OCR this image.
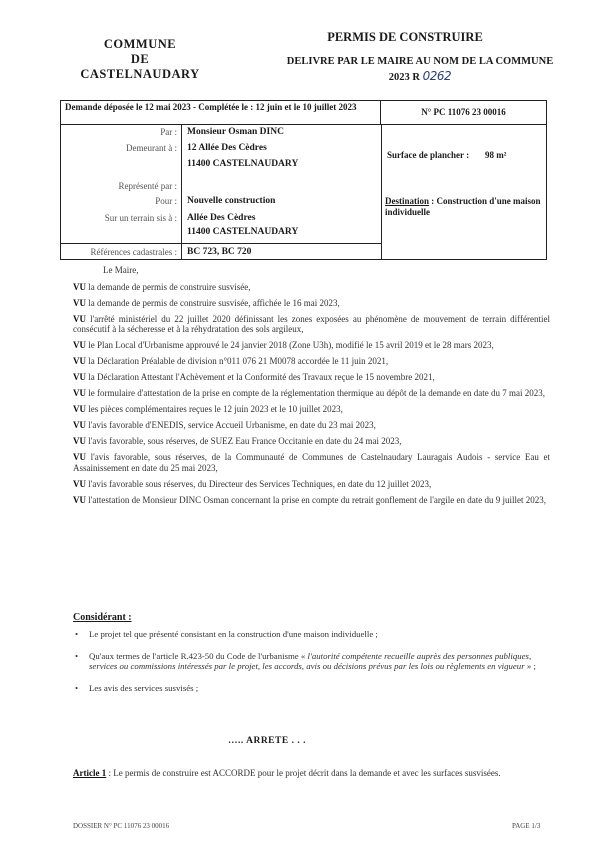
COMMUNE
DE
CASTELNAUDARY
PERMIS DE CONSTRUIRE
DELIVRE PAR LE MAIRE AU NOM DE LA COMMUNE
2023 R 0262
Demande déposée le 12 mai 2023 - Complétée le : 12 juin et le 10 juillet 2023	N° PC 11076 23 00016
Par :
Demeurant à :
Représenté par :
Pour :
Sur un terrain sis à :
Références cadastrales :
Monsieur Osman DINC
12 Allée Des Cèdres
11400 CASTELNAUDARY
Nouvelle construction
Allée Des Cèdres
11400 CASTELNAUDARY
BC 723, BC 720
Surface de plancher : 98 m²
Destination : Construction d'une maison individuelle

Le Maire,

VU la demande de permis de construire susvisée,

VU la demande de permis de construire susvisée, affichée le 16 mai 2023,

VU l'arrêté ministériel du 22 juillet 2020 définissant les zones exposées au phénomène de mouvement de terrain différentiel consécutif à la sécheresse et à la réhydratation des sols argileux,

VU le Plan Local d'Urbanisme approuvé le 24 janvier 2018 (Zone U3h), modifié le 15 avril 2019 et le 28 mars 2023,

VU la Déclaration Préalable de division n°011 076 21 M0078 accordée le 11 juin 2021,

VU la Déclaration Attestant l'Achèvement et la Conformité des Travaux reçue le 15 novembre 2021,

VU le formulaire d'attestation de la prise en compte de la réglementation thermique au dépôt de la demande en date du 7 mai 2023,

VU les pièces complémentaires reçues le 12 juin 2023 et le 10 juillet 2023,

VU l'avis favorable d'ENEDIS, service Accueil Urbanisme, en date du 23 mai 2023,

VU l'avis favorable, sous réserves, de SUEZ Eau France Occitanie en date du 24 mai 2023,

VU l'avis favorable, sous réserves, de la Communauté de Communes de Castelnaudary Lauragais Audois - service Eau et Assainissement en date du 25 mai 2023,

VU l'avis favorable sous réserves, du Directeur des Services Techniques, en date du 12 juillet 2023,

VU l'attestation de Monsieur DINC Osman concernant la prise en compte du retrait gonflement de l'argile en date du 9 juillet 2023,

Considérant :
• Le projet tel que présenté consistant en la construction d'une maison individuelle ;
• Qu'aux termes de l'article R.423-50 du Code de l'urbanisme « l'autorité compétente recueille auprès des personnes publiques, services ou commissions intéressés par le projet, les accords, avis ou décisions prévus par les lois ou règlements en vigueur » ;
• Les avis des services susvisés ;
….. ARRETE . . .
Article 1 : Le permis de construire est ACCORDE pour le projet décrit dans la demande et avec les surfaces susvisées.
DOSSIER N° PC 11076 23 00016	PAGE 1/3
